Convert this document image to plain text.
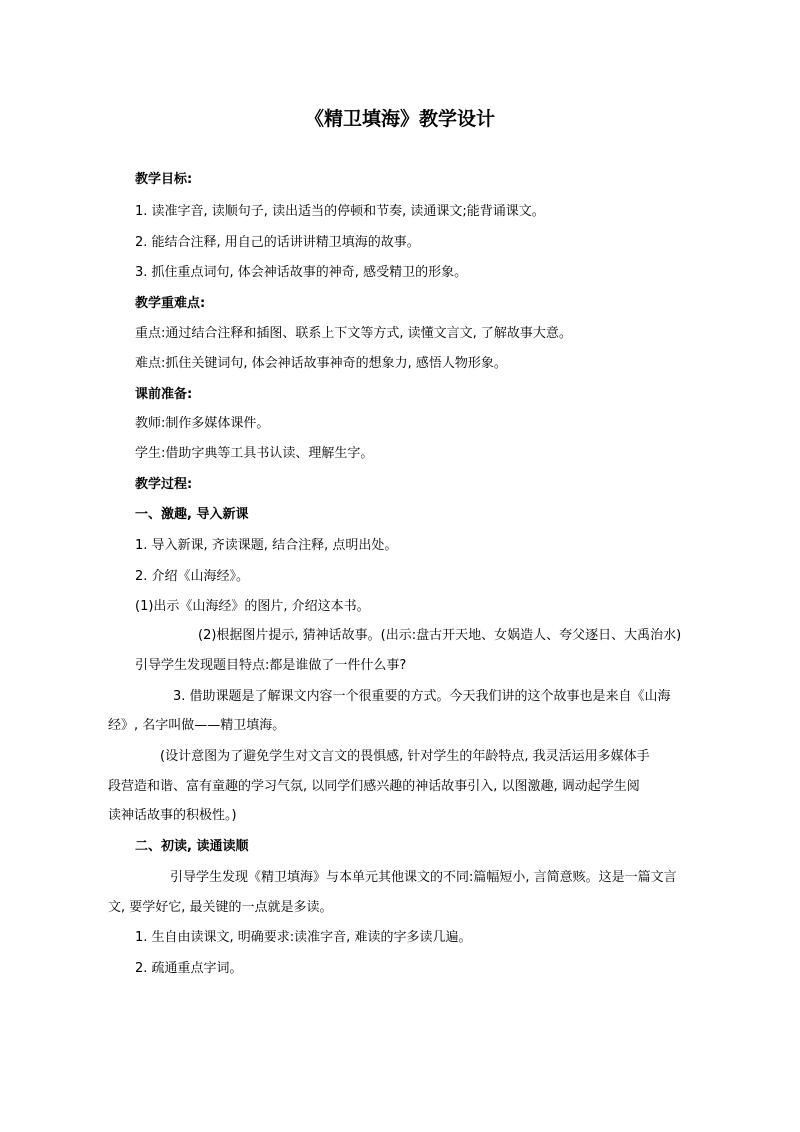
《精卫填海》教学设计
教学目标:
1. 读准字音, 读顺句子, 读出适当的停顿和节奏, 读通课文;能背诵课文。
2. 能结合注释, 用自己的话讲讲精卫填海的故事。
3. 抓住重点词句, 体会神话故事的神奇, 感受精卫的形象。
教学重难点:
重点:通过结合注释和插图、联系上下文等方式, 读懂文言文, 了解故事大意。
难点:抓住关键词句, 体会神话故事神奇的想象力, 感悟人物形象。
课前准备:
教师:制作多媒体课件。
学生:借助字典等工具书认读、理解生字。
教学过程:
一、激趣, 导入新课
1. 导入新课, 齐读课题, 结合注释, 点明出处。
2. 介绍《山海经》。
(1)出示《山海经》的图片, 介绍这本书。
(2)根据图片提示, 猜神话故事。(出示:盘古开天地、女娲造人、夸父逐日、大禹治水)
引导学生发现题目特点:都是谁做了一件什么事?
3. 借助课题是了解课文内容一个很重要的方式。今天我们讲的这个故事也是来自《山海
经》, 名字叫做——精卫填海。
(设计意图为了避免学生对文言文的畏惧感, 针对学生的年龄特点, 我灵活运用多媒体手
段营造和谐、富有童趣的学习气氛, 以同学们感兴趣的神话故事引入, 以图激趣, 调动起学生阅
读神话故事的积极性。)
二、初读, 读通读顺
引导学生发现《精卫填海》与本单元其他课文的不同:篇幅短小, 言简意赅。这是一篇文言
文, 要学好它, 最关键的一点就是多读。
1. 生自由读课文, 明确要求:读准字音, 难读的字多读几遍。
2. 疏通重点字词。
